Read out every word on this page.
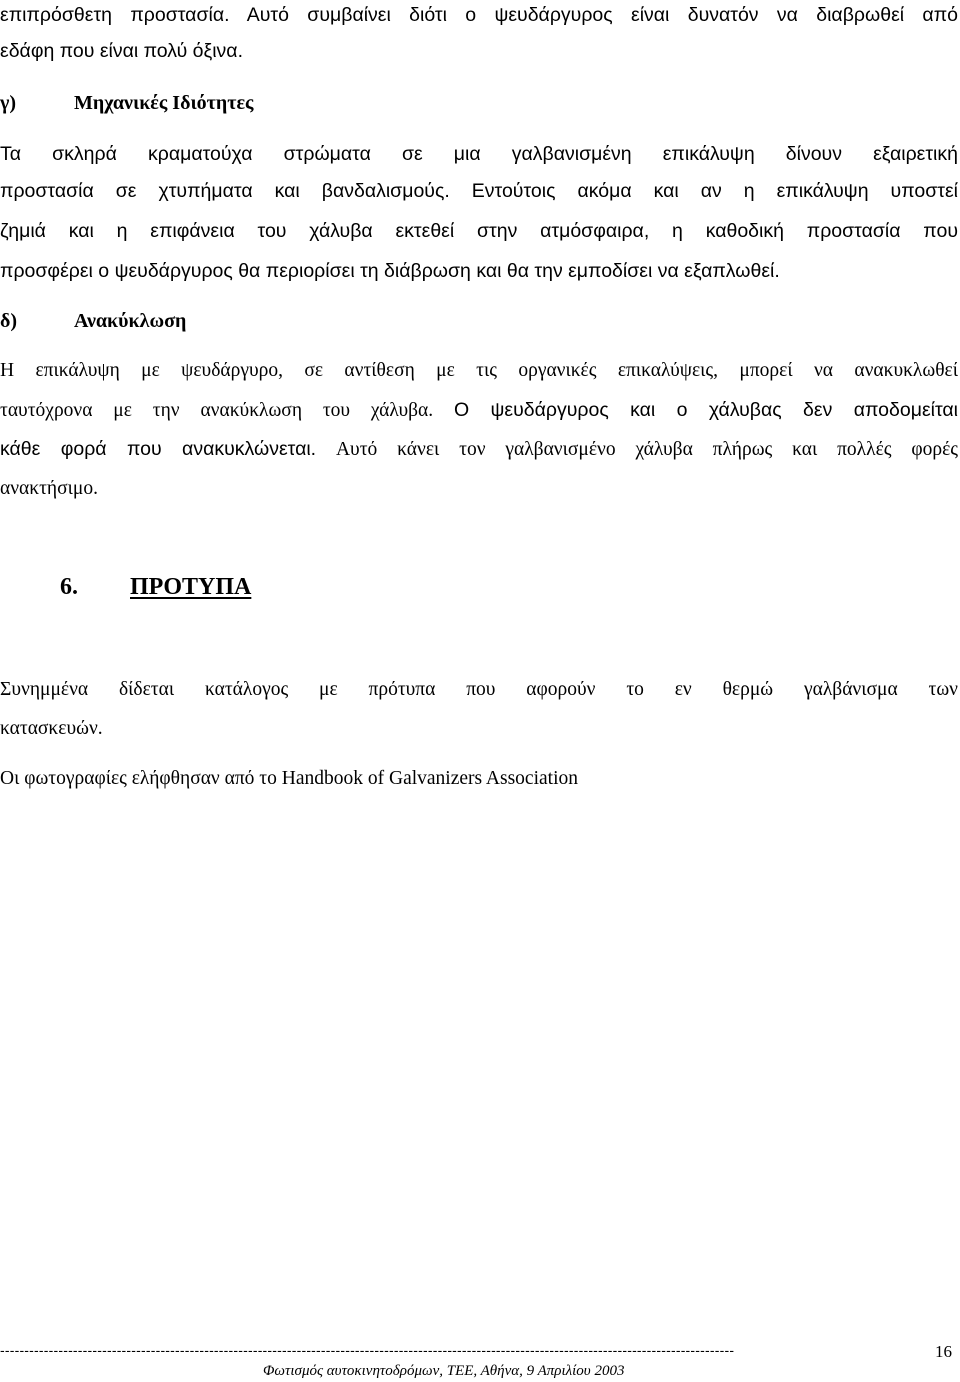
επιπρόσθετη προστασία. Αυτό συμβαίνει διότι ο ψευδάργυρος είναι δυνατόν να διαβρωθεί από
εδάφη που είναι πολύ όξινα.
γ)	Μηχανικές Ιδιότητες
Τα σκληρά κραματούχα στρώματα σε μια γαλβανισμένη επικάλυψη δίνουν εξαιρετική
προστασία σε χτυπήματα και βανδαλισμούς. Εντούτοις ακόμα και αν η επικάλυψη υποστεί
ζημιά και η επιφάνεια του χάλυβα εκτεθεί στην ατμόσφαιρα, η καθοδική προστασία που
προσφέρει ο ψευδάργυρος θα περιορίσει τη διάβρωση και θα την εμποδίσει να εξαπλωθεί.
δ)	Ανακύκλωση
Η επικάλυψη με ψευδάργυρο, σε αντίθεση με τις οργανικές επικαλύψεις, μπορεί να ανακυκλωθεί
ταυτόχρονα με την ανακύκλωση του χάλυβα. Ο ψευδάργυρος και ο χάλυβας δεν αποδομείται
κάθε φορά που ανακυκλώνεται. Αυτό κάνει τον γαλβανισμένο χάλυβα πλήρως και πολλές φορές
ανακτήσιμο.
6. ΠΡΟΤΥΠΑ
Συνημμένα δίδεται κατάλογος με πρότυπα που αφορούν το εν θερμώ γαλβάνισμα των
κατασκευών.
Οι φωτογραφίες ελήφθησαν από το Handbook of Galvanizers Association
-------------------------------------------------------------------------------------------------------------------------------------------------------	16
Φωτισμός αυτοκινητοδρόμων, ΤΕΕ, Αθήνα, 9 Απριλίου 2003
